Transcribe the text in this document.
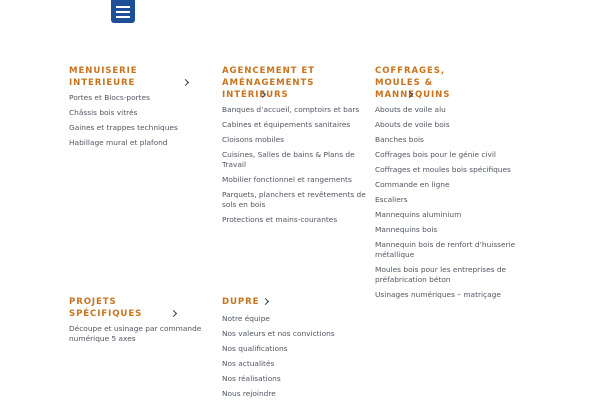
MENUISERIE
INTERIEURE
Portes et Blocs-portes
Châssis bois vitrés
Gaines et trappes techniques
Habillage mural et plafond
AGENCEMENT ET
AMÉNAGEMENTS
INTÉRIEURS
Banques d’accueil, comptoirs et bars
Cabines et équipements sanitaires
Cloisons mobiles
Cuisines, Salles de bains & Plans de
Travail
Mobilier fonctionnel et rangements
Parquets, planchers et revêtements de
sols en bois
Protections et mains-courantes
COFFRAGES,
MOULES &
MANNEQUINS
Abouts de voile alu
Abouts de voile bois
Banches bois
Coffrages bois pour le génie civil
Coffrages et moules bois spécifiques
Commande en ligne
Escaliers
Mannequins aluminium
Mannequins bois
Mannequin bois de renfort d’huisserie
métallique
Moules bois pour les entreprises de
préfabrication béton
Usinages numériques – matriçage
PROJETS
SPÉCIFIQUES
Découpe et usinage par commande
numérique 5 axes
DUPRE
Notre équipe
Nos valeurs et nos convictions
Nos qualifications
Nos actualités
Nos réalisations
Nous rejoindre
